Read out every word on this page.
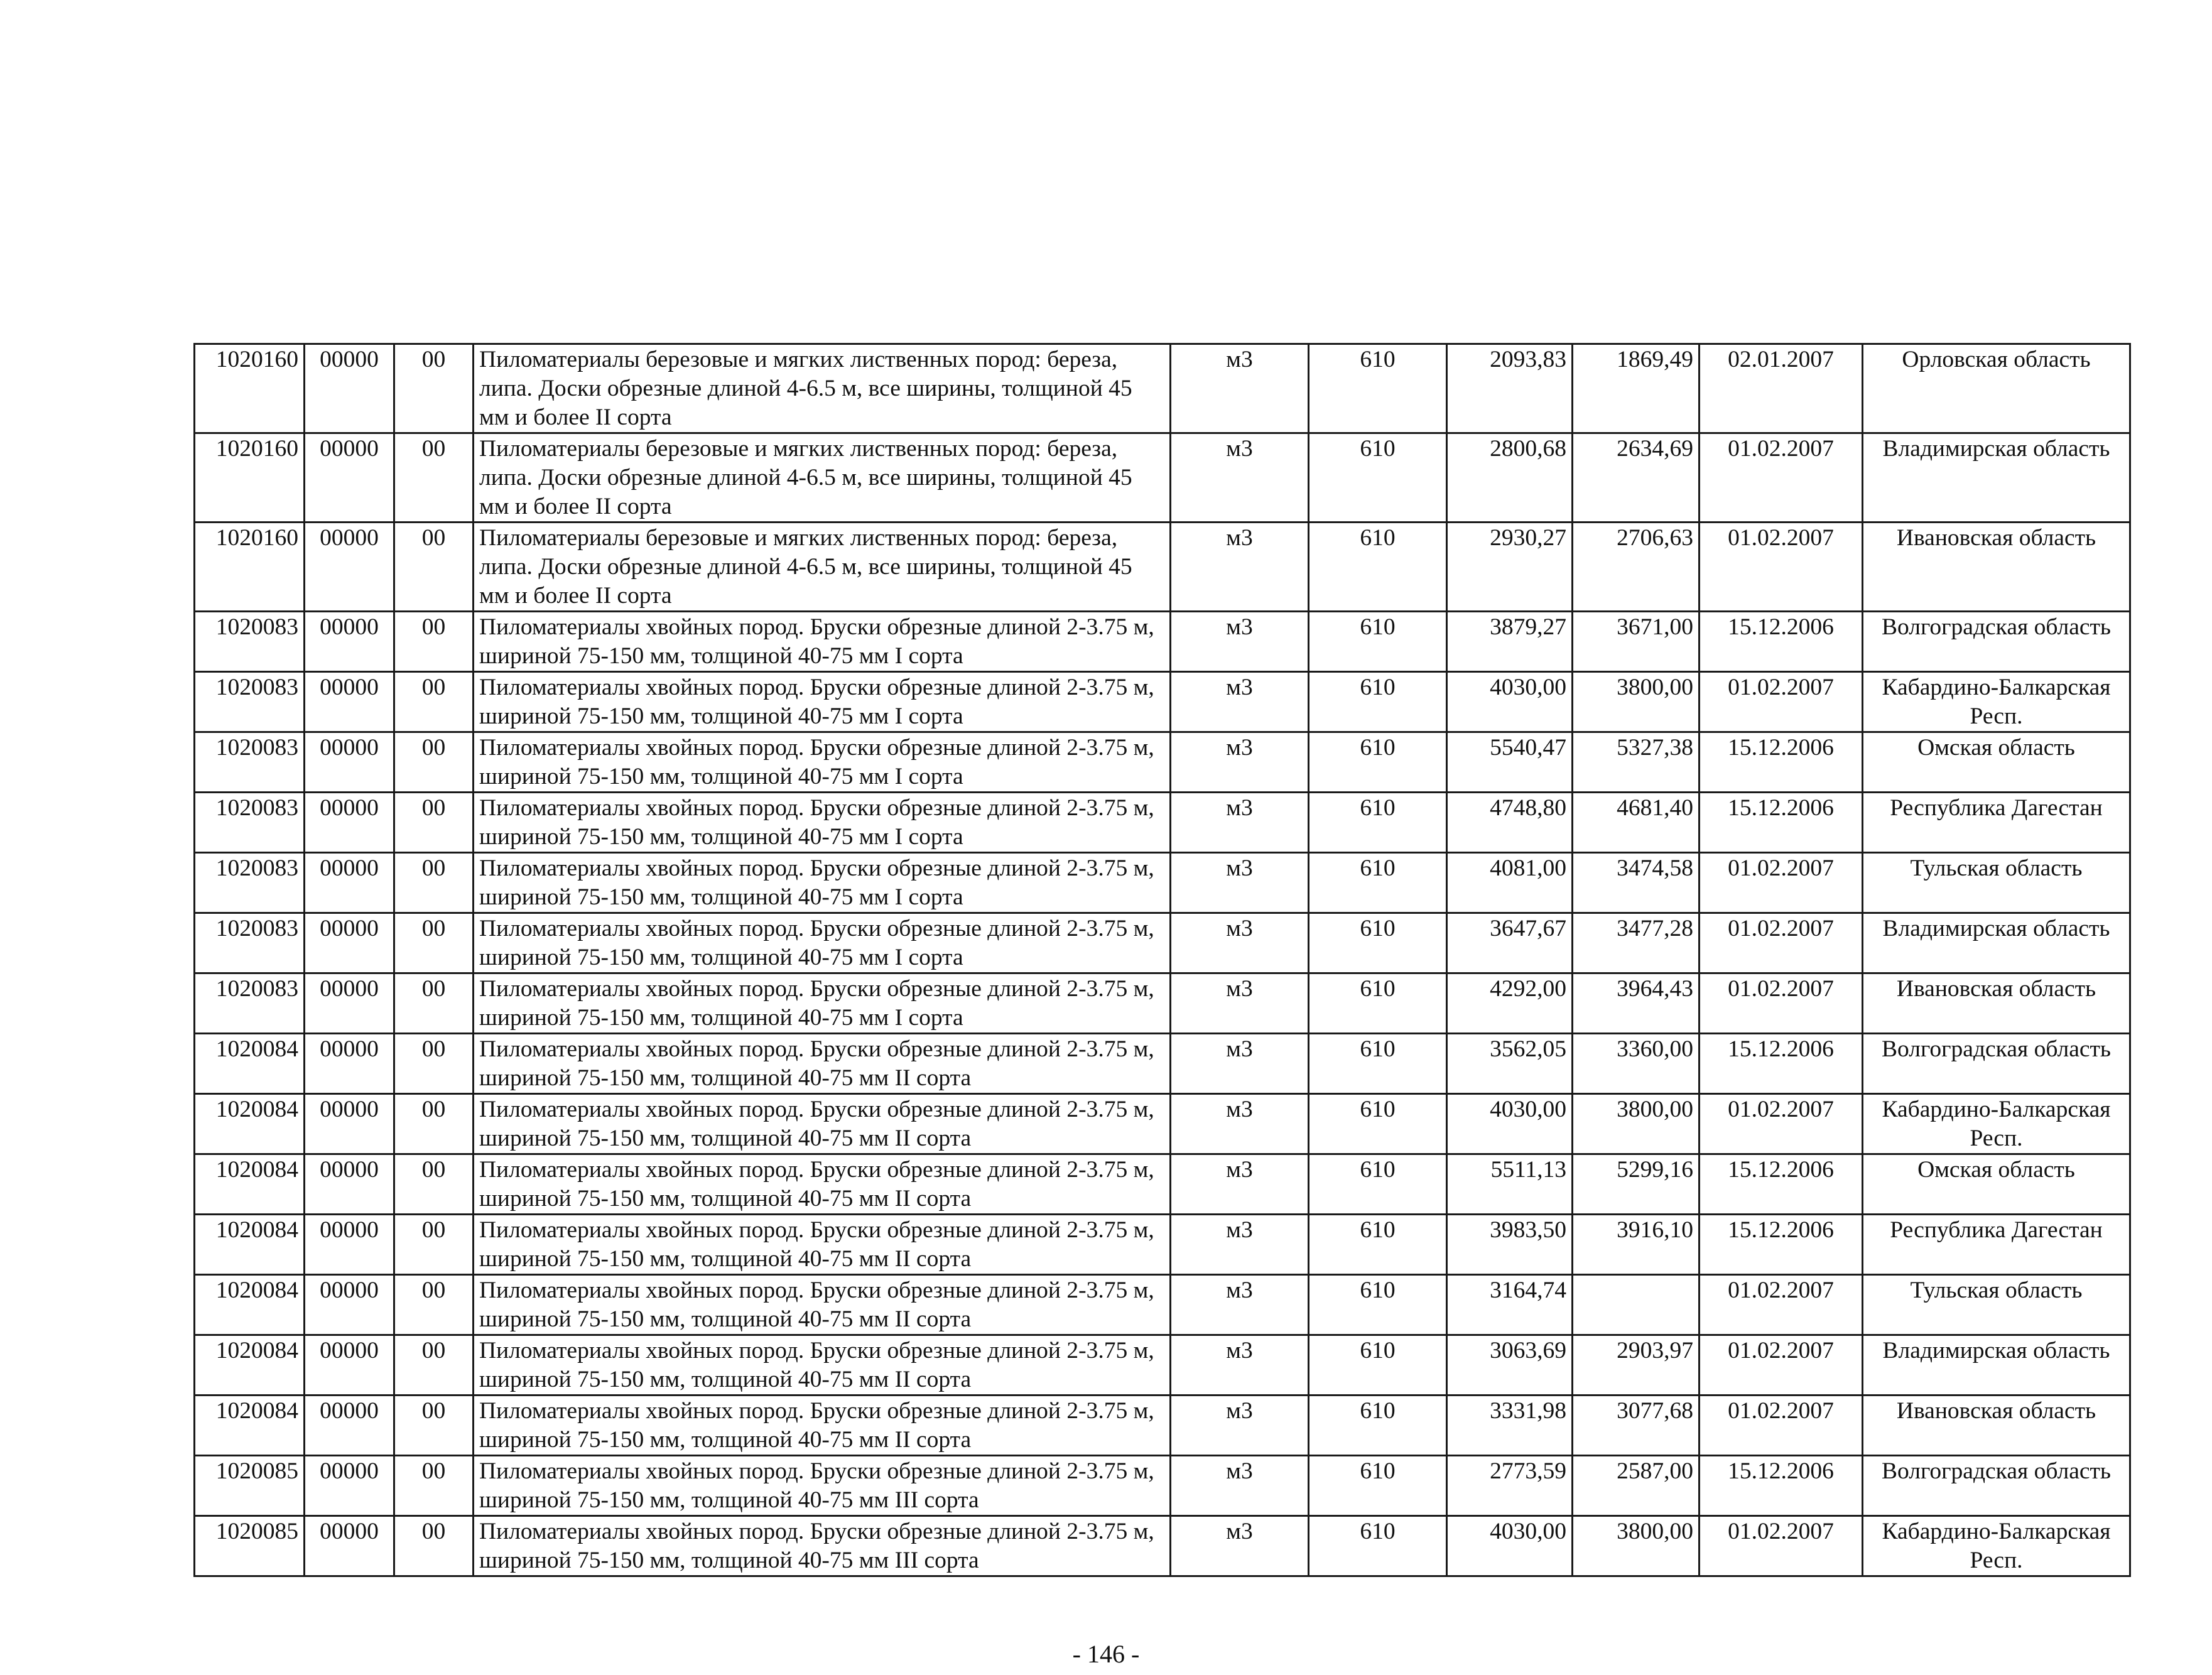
1020160	00000	00	Пиломатериалы березовые и мягких лиственных пород: береза, липа. Доски обрезные длиной 4-6.5 м, все ширины, толщиной 45 мм и более II сорта	м3	610	2093,83	1869,49	02.01.2007	Орловская область
1020160	00000	00	Пиломатериалы березовые и мягких лиственных пород: береза, липа. Доски обрезные длиной 4-6.5 м, все ширины, толщиной 45 мм и более II сорта	м3	610	2800,68	2634,69	01.02.2007	Владимирская область
1020160	00000	00	Пиломатериалы березовые и мягких лиственных пород: береза, липа. Доски обрезные длиной 4-6.5 м, все ширины, толщиной 45 мм и более II сорта	м3	610	2930,27	2706,63	01.02.2007	Ивановская область
1020083	00000	00	Пиломатериалы хвойных пород. Бруски обрезные длиной 2-3.75 м, шириной 75-150 мм, толщиной 40-75 мм I сорта	м3	610	3879,27	3671,00	15.12.2006	Волгоградская область
1020083	00000	00	Пиломатериалы хвойных пород. Бруски обрезные длиной 2-3.75 м, шириной 75-150 мм, толщиной 40-75 мм I сорта	м3	610	4030,00	3800,00	01.02.2007	Кабардино-Балкарская Респ.
1020083	00000	00	Пиломатериалы хвойных пород. Бруски обрезные длиной 2-3.75 м, шириной 75-150 мм, толщиной 40-75 мм I сорта	м3	610	5540,47	5327,38	15.12.2006	Омская область
1020083	00000	00	Пиломатериалы хвойных пород. Бруски обрезные длиной 2-3.75 м, шириной 75-150 мм, толщиной 40-75 мм I сорта	м3	610	4748,80	4681,40	15.12.2006	Республика Дагестан
1020083	00000	00	Пиломатериалы хвойных пород. Бруски обрезные длиной 2-3.75 м, шириной 75-150 мм, толщиной 40-75 мм I сорта	м3	610	4081,00	3474,58	01.02.2007	Тульская область
1020083	00000	00	Пиломатериалы хвойных пород. Бруски обрезные длиной 2-3.75 м, шириной 75-150 мм, толщиной 40-75 мм I сорта	м3	610	3647,67	3477,28	01.02.2007	Владимирская область
1020083	00000	00	Пиломатериалы хвойных пород. Бруски обрезные длиной 2-3.75 м, шириной 75-150 мм, толщиной 40-75 мм I сорта	м3	610	4292,00	3964,43	01.02.2007	Ивановская область
1020084	00000	00	Пиломатериалы хвойных пород. Бруски обрезные длиной 2-3.75 м, шириной 75-150 мм, толщиной 40-75 мм II сорта	м3	610	3562,05	3360,00	15.12.2006	Волгоградская область
1020084	00000	00	Пиломатериалы хвойных пород. Бруски обрезные длиной 2-3.75 м, шириной 75-150 мм, толщиной 40-75 мм II сорта	м3	610	4030,00	3800,00	01.02.2007	Кабардино-Балкарская Респ.
1020084	00000	00	Пиломатериалы хвойных пород. Бруски обрезные длиной 2-3.75 м, шириной 75-150 мм, толщиной 40-75 мм II сорта	м3	610	5511,13	5299,16	15.12.2006	Омская область
1020084	00000	00	Пиломатериалы хвойных пород. Бруски обрезные длиной 2-3.75 м, шириной 75-150 мм, толщиной 40-75 мм II сорта	м3	610	3983,50	3916,10	15.12.2006	Республика Дагестан
1020084	00000	00	Пиломатериалы хвойных пород. Бруски обрезные длиной 2-3.75 м, шириной 75-150 мм, толщиной 40-75 мм II сорта	м3	610	3164,74		01.02.2007	Тульская область
1020084	00000	00	Пиломатериалы хвойных пород. Бруски обрезные длиной 2-3.75 м, шириной 75-150 мм, толщиной 40-75 мм II сорта	м3	610	3063,69	2903,97	01.02.2007	Владимирская область
1020084	00000	00	Пиломатериалы хвойных пород. Бруски обрезные длиной 2-3.75 м, шириной 75-150 мм, толщиной 40-75 мм II сорта	м3	610	3331,98	3077,68	01.02.2007	Ивановская область
1020085	00000	00	Пиломатериалы хвойных пород. Бруски обрезные длиной 2-3.75 м, шириной 75-150 мм, толщиной 40-75 мм III сорта	м3	610	2773,59	2587,00	15.12.2006	Волгоградская область
1020085	00000	00	Пиломатериалы хвойных пород. Бруски обрезные длиной 2-3.75 м, шириной 75-150 мм, толщиной 40-75 мм III сорта	м3	610	4030,00	3800,00	01.02.2007	Кабардино-Балкарская Респ.
- 146 -
